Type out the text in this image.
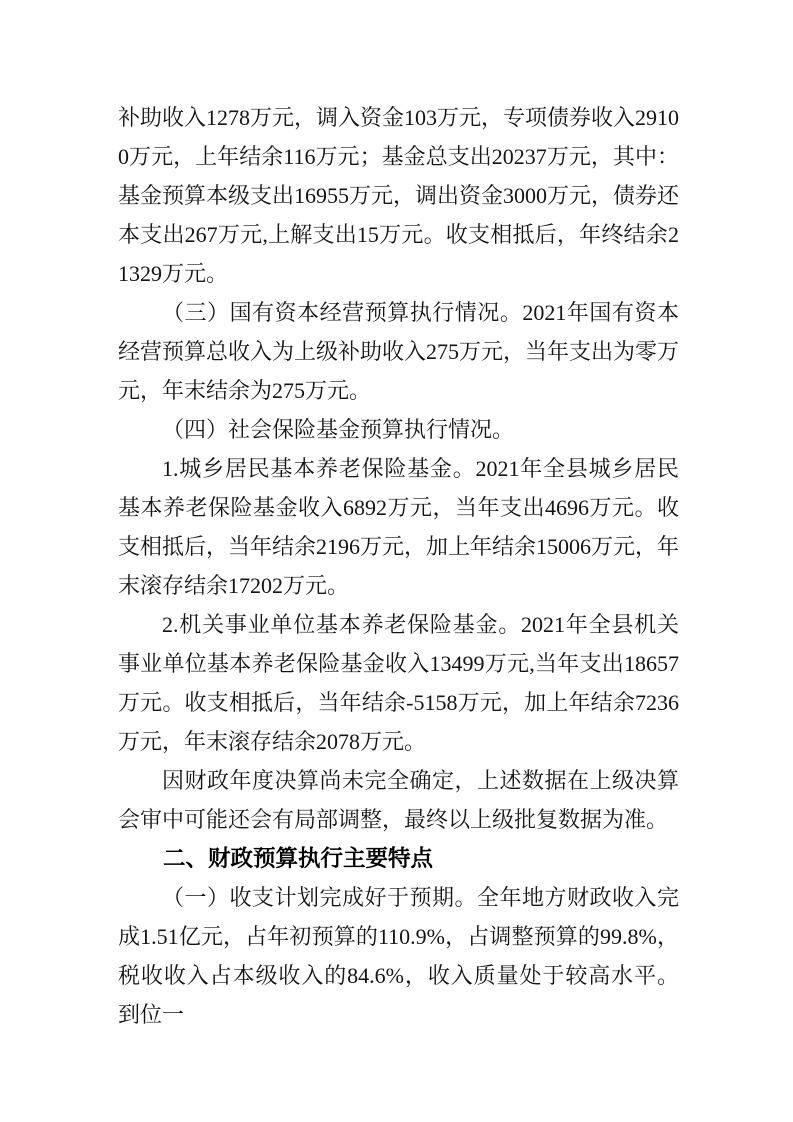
补助收入1278万元，调入资金103万元，专项债券收入29100万元，上年结余116万元；基金总支出20237万元，其中：基金预算本级支出16955万元，调出资金3000万元，债券还本支出267万元,上解支出15万元。收支相抵后，年终结余21329万元。

（三）国有资本经营预算执行情况。2021年国有资本经营预算总收入为上级补助收入275万元，当年支出为零万元，年末结余为275万元。

（四）社会保险基金预算执行情况。

1.城乡居民基本养老保险基金。2021年全县城乡居民基本养老保险基金收入6892万元，当年支出4696万元。收支相抵后，当年结余2196万元，加上年结余15006万元，年末滚存结余17202万元。

2.机关事业单位基本养老保险基金。2021年全县机关事业单位基本养老保险基金收入13499万元,当年支出18657万元。收支相抵后，当年结余-5158万元，加上年结余7236万元，年末滚存结余2078万元。

因财政年度决算尚未完全确定，上述数据在上级决算会审中可能还会有局部调整，最终以上级批复数据为准。

二、财政预算执行主要特点

（一）收支计划完成好于预期。全年地方财政收入完成1.51亿元，占年初预算的110.9%，占调整预算的99.8%，税收收入占本级收入的84.6%，收入质量处于较高水平。到位一
